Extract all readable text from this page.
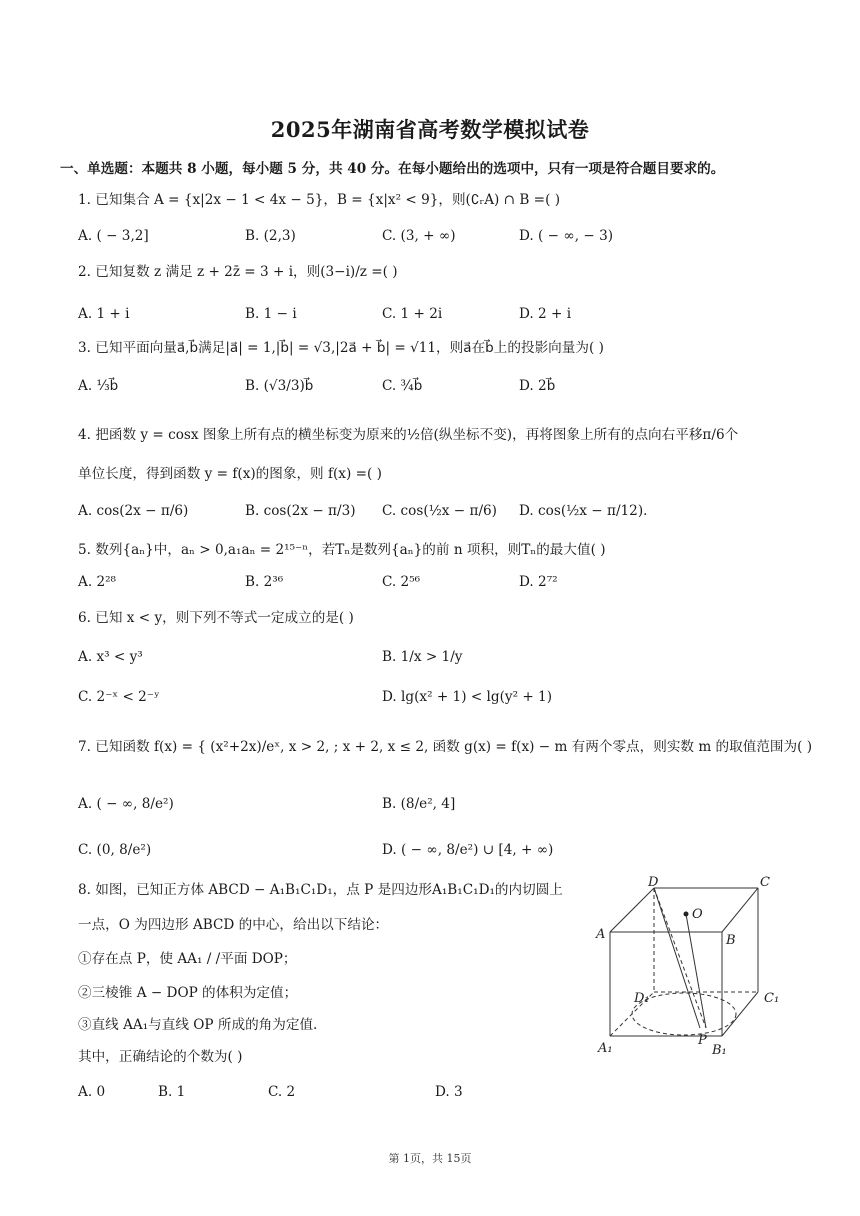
2025年湖南省高考数学模拟试卷
一、单选题：本题共 8 小题，每小题 5 分，共 40 分。在每小题给出的选项中，只有一项是符合题目要求的。
1. 已知集合 A = {x|2x − 1 < 4x − 5}，B = {x|x² < 9}，则(∁ᵣA) ∩ B =( )
A. ( − 3,2]	B. (2,3)	C. (3, + ∞)	D. ( − ∞, − 3)
2. 已知复数 z 满足 z + 2z̄ = 3 + i，则(3−i)/z =( )
A. 1 + i	B. 1 − i	C. 1 + 2i	D. 2 + i
3. 已知平面向量a⃗,b⃗满足|a⃗| = 1,|b⃗| = √3,|2a⃗ + b⃗| = √11，则a⃗在b⃗上的投影向量为( )
A. ⅓b⃗	B. (√3/3)b⃗	C. ¾b⃗	D. 2b⃗
4. 把函数 y = cosx 图象上所有点的横坐标变为原来的½倍(纵坐标不变)，再将图象上所有的点向右平移π/6个
单位长度，得到函数 y = f(x)的图象，则 f(x) =( )
A. cos(2x − π/6)	B. cos(2x − π/3) C. cos(½x − π/6) D. cos(½x − π/12).
5. 数列{aₙ}中，aₙ > 0,a₁aₙ = 2¹⁵⁻ⁿ，若Tₙ是数列{aₙ}的前 n 项积，则Tₙ的最大值( )
A. 2²⁸	B. 2³⁶	C. 2⁵⁶	D. 2⁷²
6. 已知 x < y，则下列不等式一定成立的是( )
A. x³ < y³	B. 1/x > 1/y
C. 2⁻ˣ < 2⁻ʸ	D. lg(x² + 1) < lg(y² + 1)
7. 已知函数 f(x) = { (x²+2x)/eˣ, x > 2, ; x + 2, x ≤ 2, 函数 g(x) = f(x) − m 有两个零点，则实数 m 的取值范围为( )
A. ( − ∞, 8/e²)	B. (8/e², 4]
C. (0, 8/e²)	D. ( − ∞, 8/e²) ∪ [4, + ∞)
8. 如图，已知正方体 ABCD − A₁B₁C₁D₁，点 P 是四边形A₁B₁C₁D₁的内切圆上
一点，O 为四边形 ABCD 的中心，给出以下结论：
①存在点 P，使 AA₁ / /平面 DOP；
②三棱锥 A − DOP 的体积为定值；
③直线 AA₁与直线 OP 所成的角为定值.
其中，正确结论的个数为( )
A. 0	B. 1	C. 2	D. 3
D	C
A	B
O
D₁	C₁
A₁	B₁
P
第 1页，共 15页
